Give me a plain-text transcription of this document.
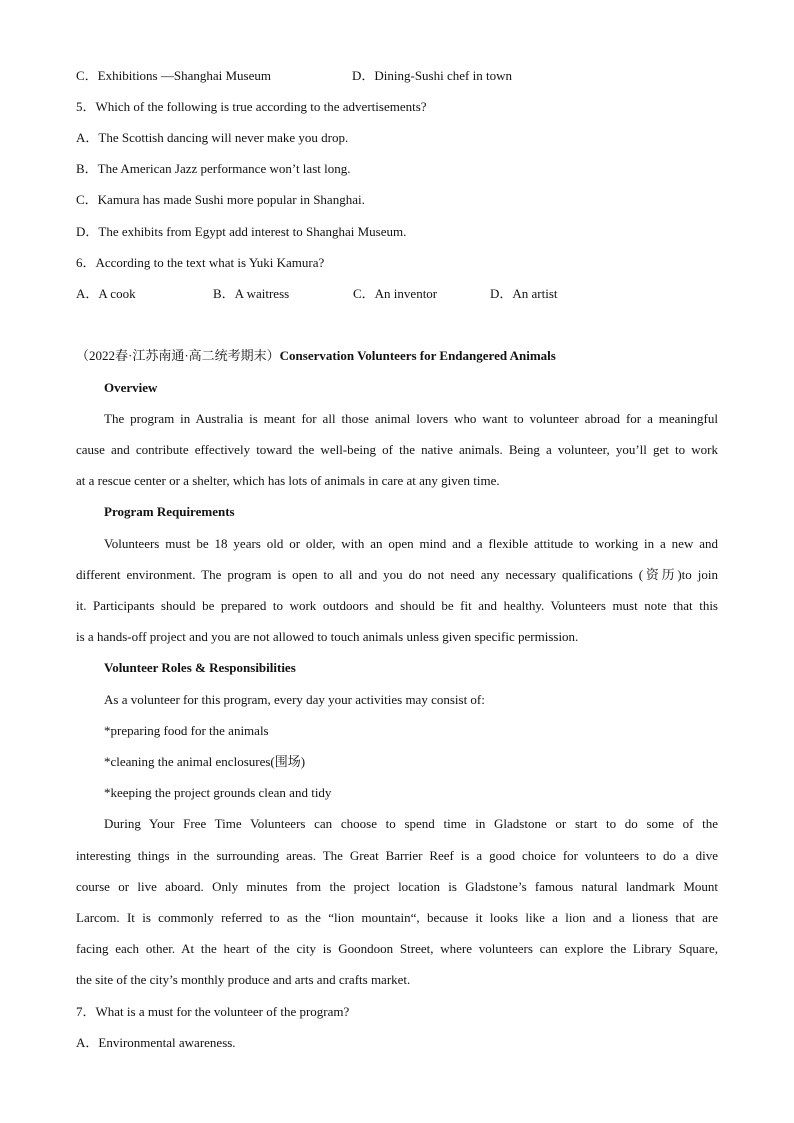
C．Exhibitions —Shanghai Museum	D．Dining-Sushi chef in town
5．Which of the following is true according to the advertisements?
A．The Scottish dancing will never make you drop.
B．The American Jazz performance won’t last long.
C．Kamura has made Sushi more popular in Shanghai.
D．The exhibits from Egypt add interest to Shanghai Museum.
6．According to the text what is Yuki Kamura?
A．A cook	B．A waitress	C．An inventor	D．An artist
（2022春·江苏南通·高二统考期末）Conservation Volunteers for Endangered Animals
Overview
The program in Australia is meant for all those animal lovers who want to volunteer abroad for a meaningful
cause and contribute effectively toward the well-being of the native animals. Being a volunteer, you’ll get to work
at a rescue center or a shelter, which has lots of animals in care at any given time.
Program Requirements
Volunteers must be 18 years old or older, with an open mind and a flexible attitude to working in a new and
different environment. The program is open to all and you do not need any necessary qualifications (资历)to join
it. Participants should be prepared to work outdoors and should be fit and healthy. Volunteers must note that this
is a hands-off project and you are not allowed to touch animals unless given specific permission.
Volunteer Roles & Responsibilities
As a volunteer for this program, every day your activities may consist of:
*preparing food for the animals
*cleaning the animal enclosures(围场)
*keeping the project grounds clean and tidy
During Your Free Time Volunteers can choose to spend time in Gladstone or start to do some of the
interesting things in the surrounding areas. The Great Barrier Reef is a good choice for volunteers to do a dive
course or live aboard. Only minutes from the project location is Gladstone’s famous natural landmark Mount
Larcom. It is commonly referred to as the “lion mountain“, because it looks like a lion and a lioness that are
facing each other. At the heart of the city is Goondoon Street, where volunteers can explore the Library Square,
the site of the city’s monthly produce and arts and crafts market.
7．What is a must for the volunteer of the program?
A．Environmental awareness.
